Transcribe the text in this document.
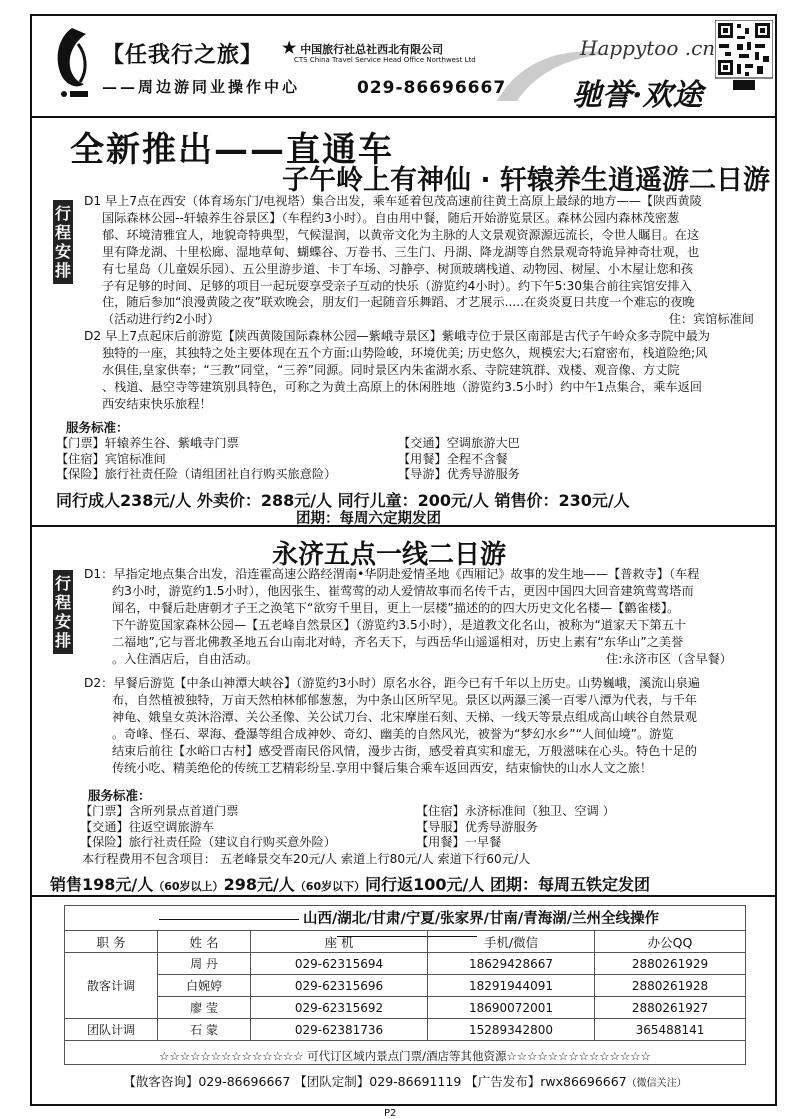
【任我行之旅】
——周边游同业操作中心
★ 中国旅行社总社西北有限公司
CTS China Travel Service Head Office Northwest Ltd
029-86696667
Happytoo .cn
驰誉·欢途
全新推出——直通车
子午岭上有神仙 · 轩辕养生逍遥游二日游
行程安排
D1 早上7点在西安（体育场东门/电视塔）集合出发，乘车延着包茂高速前往黄土高原上最绿的地方——【陕西黄陵
国际森林公园--轩辕养生谷景区】（车程约3小时）。自由用中餐，随后开始游览景区。森林公园内森林茂密葱
郁、环境清雅宜人，地貌奇特典型，气候湿润，以黄帝文化为主脉的人文景观资源源远流长，令世人瞩目。在这
里有降龙湖、十里松廊、湿地草甸、蝴蝶谷、万卷书、三生门、丹湖、降龙湖等自然景观奇特诡异神奇壮观，也
有七星岛（儿童娱乐园）、五公里游步道、卡丁车场、习静亭、树顶玻璃栈道、动物园、树屋、小木屋让您和孩
子有足够的时间、足够的项目一起玩耍享受亲子互动的快乐（游览约4小时）。约下午5:30集合前往宾馆安排入
住，随后参加“浪漫黄陵之夜”联欢晚会，朋友们一起随音乐舞蹈、才艺展示.....在炎炎夏日共度一个难忘的夜晚
（活动进行约2小时）	住：宾馆标准间
D2 早上7点起床后前游览【陕西黄陵国际森林公园—紫峨寺景区】紫峨寺位于景区南部是古代子午岭众多寺院中最为
独特的一座，其独特之处主要体现在五个方面:山势险峻，环境优美; 历史悠久，规模宏大;石窟密布，栈道险绝;风
水俱佳,皇家供奉；“三教”同堂，“三养”同源。同时景区内朱雀湖水系、寺院建筑群、戏楼、观音像、方丈院
、栈道、悬空寺等建筑别具特色，可称之为黄土高原上的休闲胜地（游览约3.5小时）约中午1点集合，乘车返回
西安结束快乐旅程！
服务标准：
【门票】轩辕养生谷、紫峨寺门票
【住宿】宾馆标准间
【保险】旅行社责任险（请组团社自行购买旅意险）
【交通】空调旅游大巴
【用餐】全程不含餐
【导游】优秀导游服务
同行成人238元/人 外卖价：288元/人 同行儿童：200元/人 销售价：230元/人
团期：每周六定期发团
永济五点一线二日游
行程安排
D1：早指定地点集合出发，沿连霍高速公路经渭南•华阴赴爱情圣地《西厢记》故事的发生地——【普救寺】（车程
约3小时，游览约1.5小时），他因张生、崔莺莺的动人爱情故事而名传千古，更因中国四大回音建筑莺莺塔而
闻名，中餐后赴唐朝才子王之涣笔下“欲穷千里目，更上一层楼”描述的的四大历史文化名楼—【鹳雀楼】。
下午游览国家森林公园—【五老峰自然景区】（游览约3.5小时），是道教文化名山，被称为“道家天下第五十
二福地”,它与晋北佛教圣地五台山南北对峙，齐名天下，与西岳华山遥遥相对，历史上素有“东华山”之美誉
。入住酒店后，自由活动。	住:永济市区（含早餐）
D2：早餐后游览【中条山神潭大峡谷】（游览约3小时）原名水谷，距今已有千年以上历史。山势巍峨，溪流山泉遍
布，自然植被独特，万亩天然柏林郁郁葱葱，为中条山区所罕见。景区以两瀑三溪一百零八潭为代表，与千年
神龟、娥皇女英沐浴潭、关公圣像、关公试刀台、北宋摩崖石刻、天梯、一线天等景点组成高山峡谷自然景观
。奇峰、怪石、翠海、叠瀑等组合成神妙、奇幻、幽美的自然风光，被誉为“梦幻水乡”“人间仙境”。游览
结束后前往【水峪口古村】感受晋南民俗风情，漫步古街，感受着真实和虚无，万般滋味在心头。特色十足的
传统小吃、精美绝伦的传统工艺精彩纷呈.享用中餐后集合乘车返回西安，结束愉快的山水人文之旅！
服务标准：
【门票】含所列景点首道门票
【交通】往返空调旅游车
【保险】旅行社责任险（建议自行购买意外险）
【住宿】永济标准间（独卫、空调 ）
【导服】优秀导游服务
【用餐】一早餐
本行程费用不包含项目： 五老峰景交车20元/人 索道上行80元/人 索道下行60元/人
销售198元/人（60岁以上）298元/人（60岁以下）同行返100元/人 团期：每周五铁定发团
山西/湖北/甘肃/宁夏/张家界/甘南/青海湖/兰州全线操作
职 务	姓 名	座 机	手机/微信	办公QQ
散客计调	周 丹	029-62315694	18629428667	2880261929
	白婉婷	029-62315696	18291944091	2880261928
	廖 莹	029-62315692	18690072001	2880261927
团队计调	石 蒙	029-62381736	15289342800	365488141
☆☆☆☆☆☆☆☆☆☆☆☆☆☆ 可代订区域内景点门票/酒店等其他资源☆☆☆☆☆☆☆☆☆☆☆☆☆☆
【散客咨询】029-86696667 【团队定制】029-86691119 【广告发布】rwx86696667（微信关注）
P2
